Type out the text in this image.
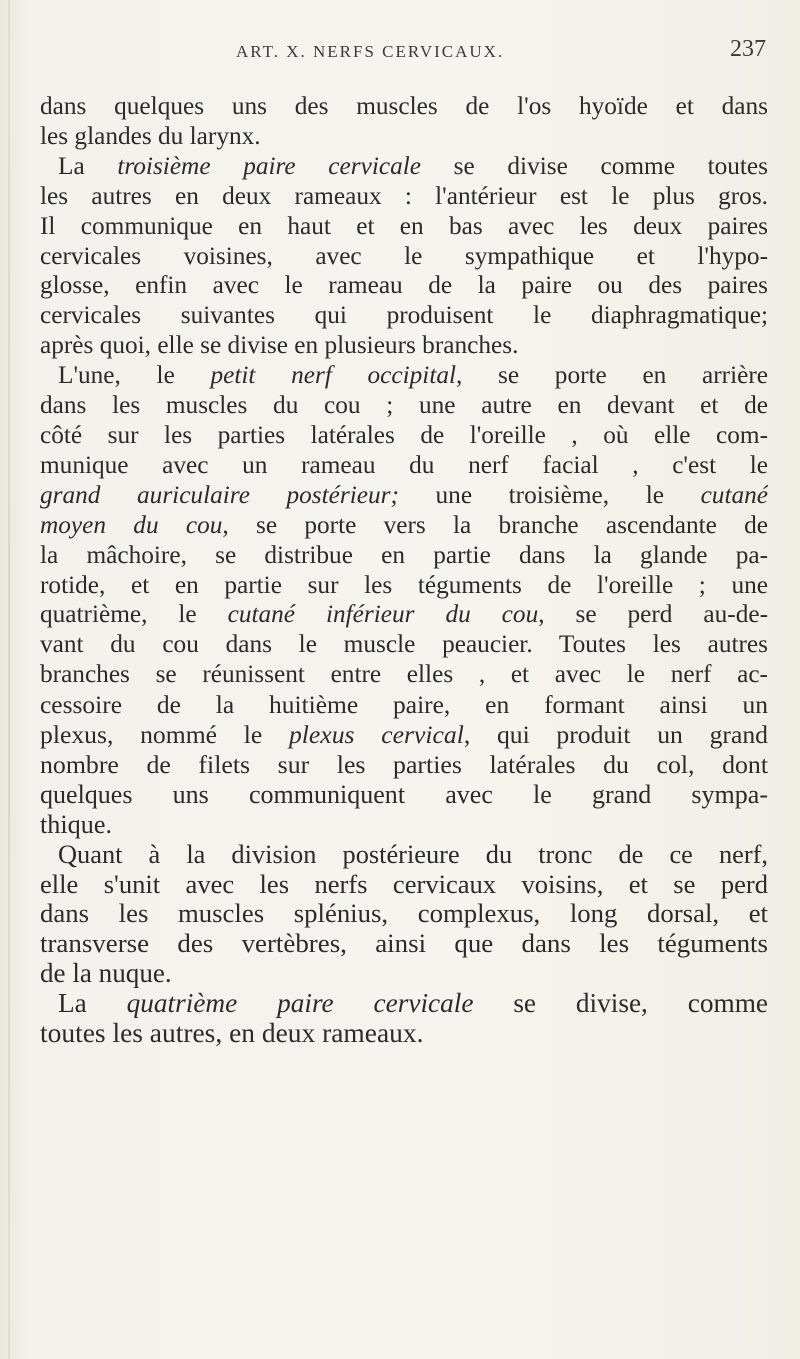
ART. X. NERFS CERVICAUX.	237
dans quelques uns des muscles de l'os hyoïde et dans
les glandes du larynx.
La troisième paire cervicale se divise comme toutes
les autres en deux rameaux : l'antérieur est le plus gros.
Il communique en haut et en bas avec les deux paires
cervicales voisines, avec le sympathique et l'hypo-
glosse, enfin avec le rameau de la paire ou des paires
cervicales suivantes qui produisent le diaphragmatique;
après quoi, elle se divise en plusieurs branches.
L'une, le petit nerf occipital, se porte en arrière
dans les muscles du cou ; une autre en devant et de
côté sur les parties latérales de l'oreille , où elle com-
munique avec un rameau du nerf facial , c'est le
grand auriculaire postérieur; une troisième, le cutané
moyen du cou, se porte vers la branche ascendante de
la mâchoire, se distribue en partie dans la glande pa-
rotide, et en partie sur les téguments de l'oreille ; une
quatrième, le cutané inférieur du cou, se perd au-de-
vant du cou dans le muscle peaucier. Toutes les autres
branches se réunissent entre elles , et avec le nerf ac-
cessoire de la huitième paire, en formant ainsi un
plexus, nommé le plexus cervical, qui produit un grand
nombre de filets sur les parties latérales du col, dont
quelques uns communiquent avec le grand sympa-
thique.
Quant à la division postérieure du tronc de ce nerf,
elle s'unit avec les nerfs cervicaux voisins, et se perd
dans les muscles splénius, complexus, long dorsal, et
transverse des vertèbres, ainsi que dans les téguments
de la nuque.
La quatrième paire cervicale se divise, comme
toutes les autres, en deux rameaux.
